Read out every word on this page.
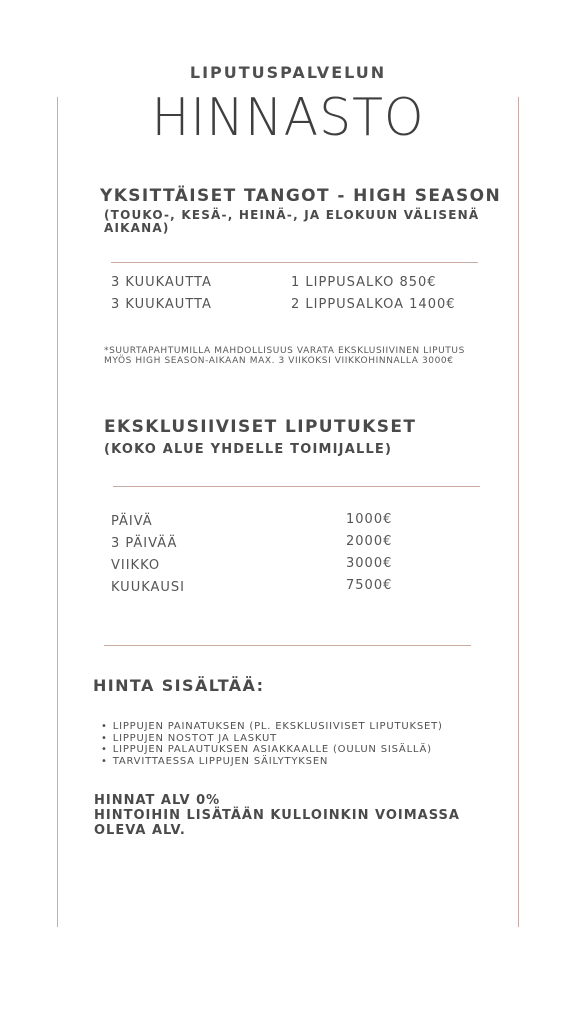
LIPUTUSPALVELUN
HINNASTO
YKSITTÄISET TANGOT - HIGH SEASON
(TOUKO-, KESÄ-, HEINÄ-, JA ELOKUUN VÄLISENÄ AIKANA)
3 KUUKAUTTA	1 LIPPUSALKO 850€
3 KUUKAUTTA	2 LIPPUSALKOA 1400€
*SUURTAPAHTUMILLA MAHDOLLISUUS VARATA EKSKLUSIIVINEN LIPUTUS MYÖS HIGH SEASON-AIKAAN MAX. 3 VIIKOKSI VIIKKOHINNALLA 3000€
EKSKLUSIIVISET LIPUTUKSET
(KOKO ALUE YHDELLE TOIMIJALLE)
PÄIVÄ	1000€
3 PÄIVÄÄ	2000€
VIIKKO	3000€
KUUKAUSI	7500€
HINTA SISÄLTÄÄ:
• LIPPUJEN PAINATUKSEN (PL. EKSKLUSIIVISET LIPUTUKSET)
• LIPPUJEN NOSTOT JA LASKUT
• LIPPUJEN PALAUTUKSEN ASIAKKAALLE (OULUN SISÄLLÄ)
• TARVITTAESSA LIPPUJEN SÄILYTYKSEN
HINNAT ALV 0%
HINTOIHIN LISÄTÄÄN KULLOINKIN VOIMASSA OLEVA ALV.
